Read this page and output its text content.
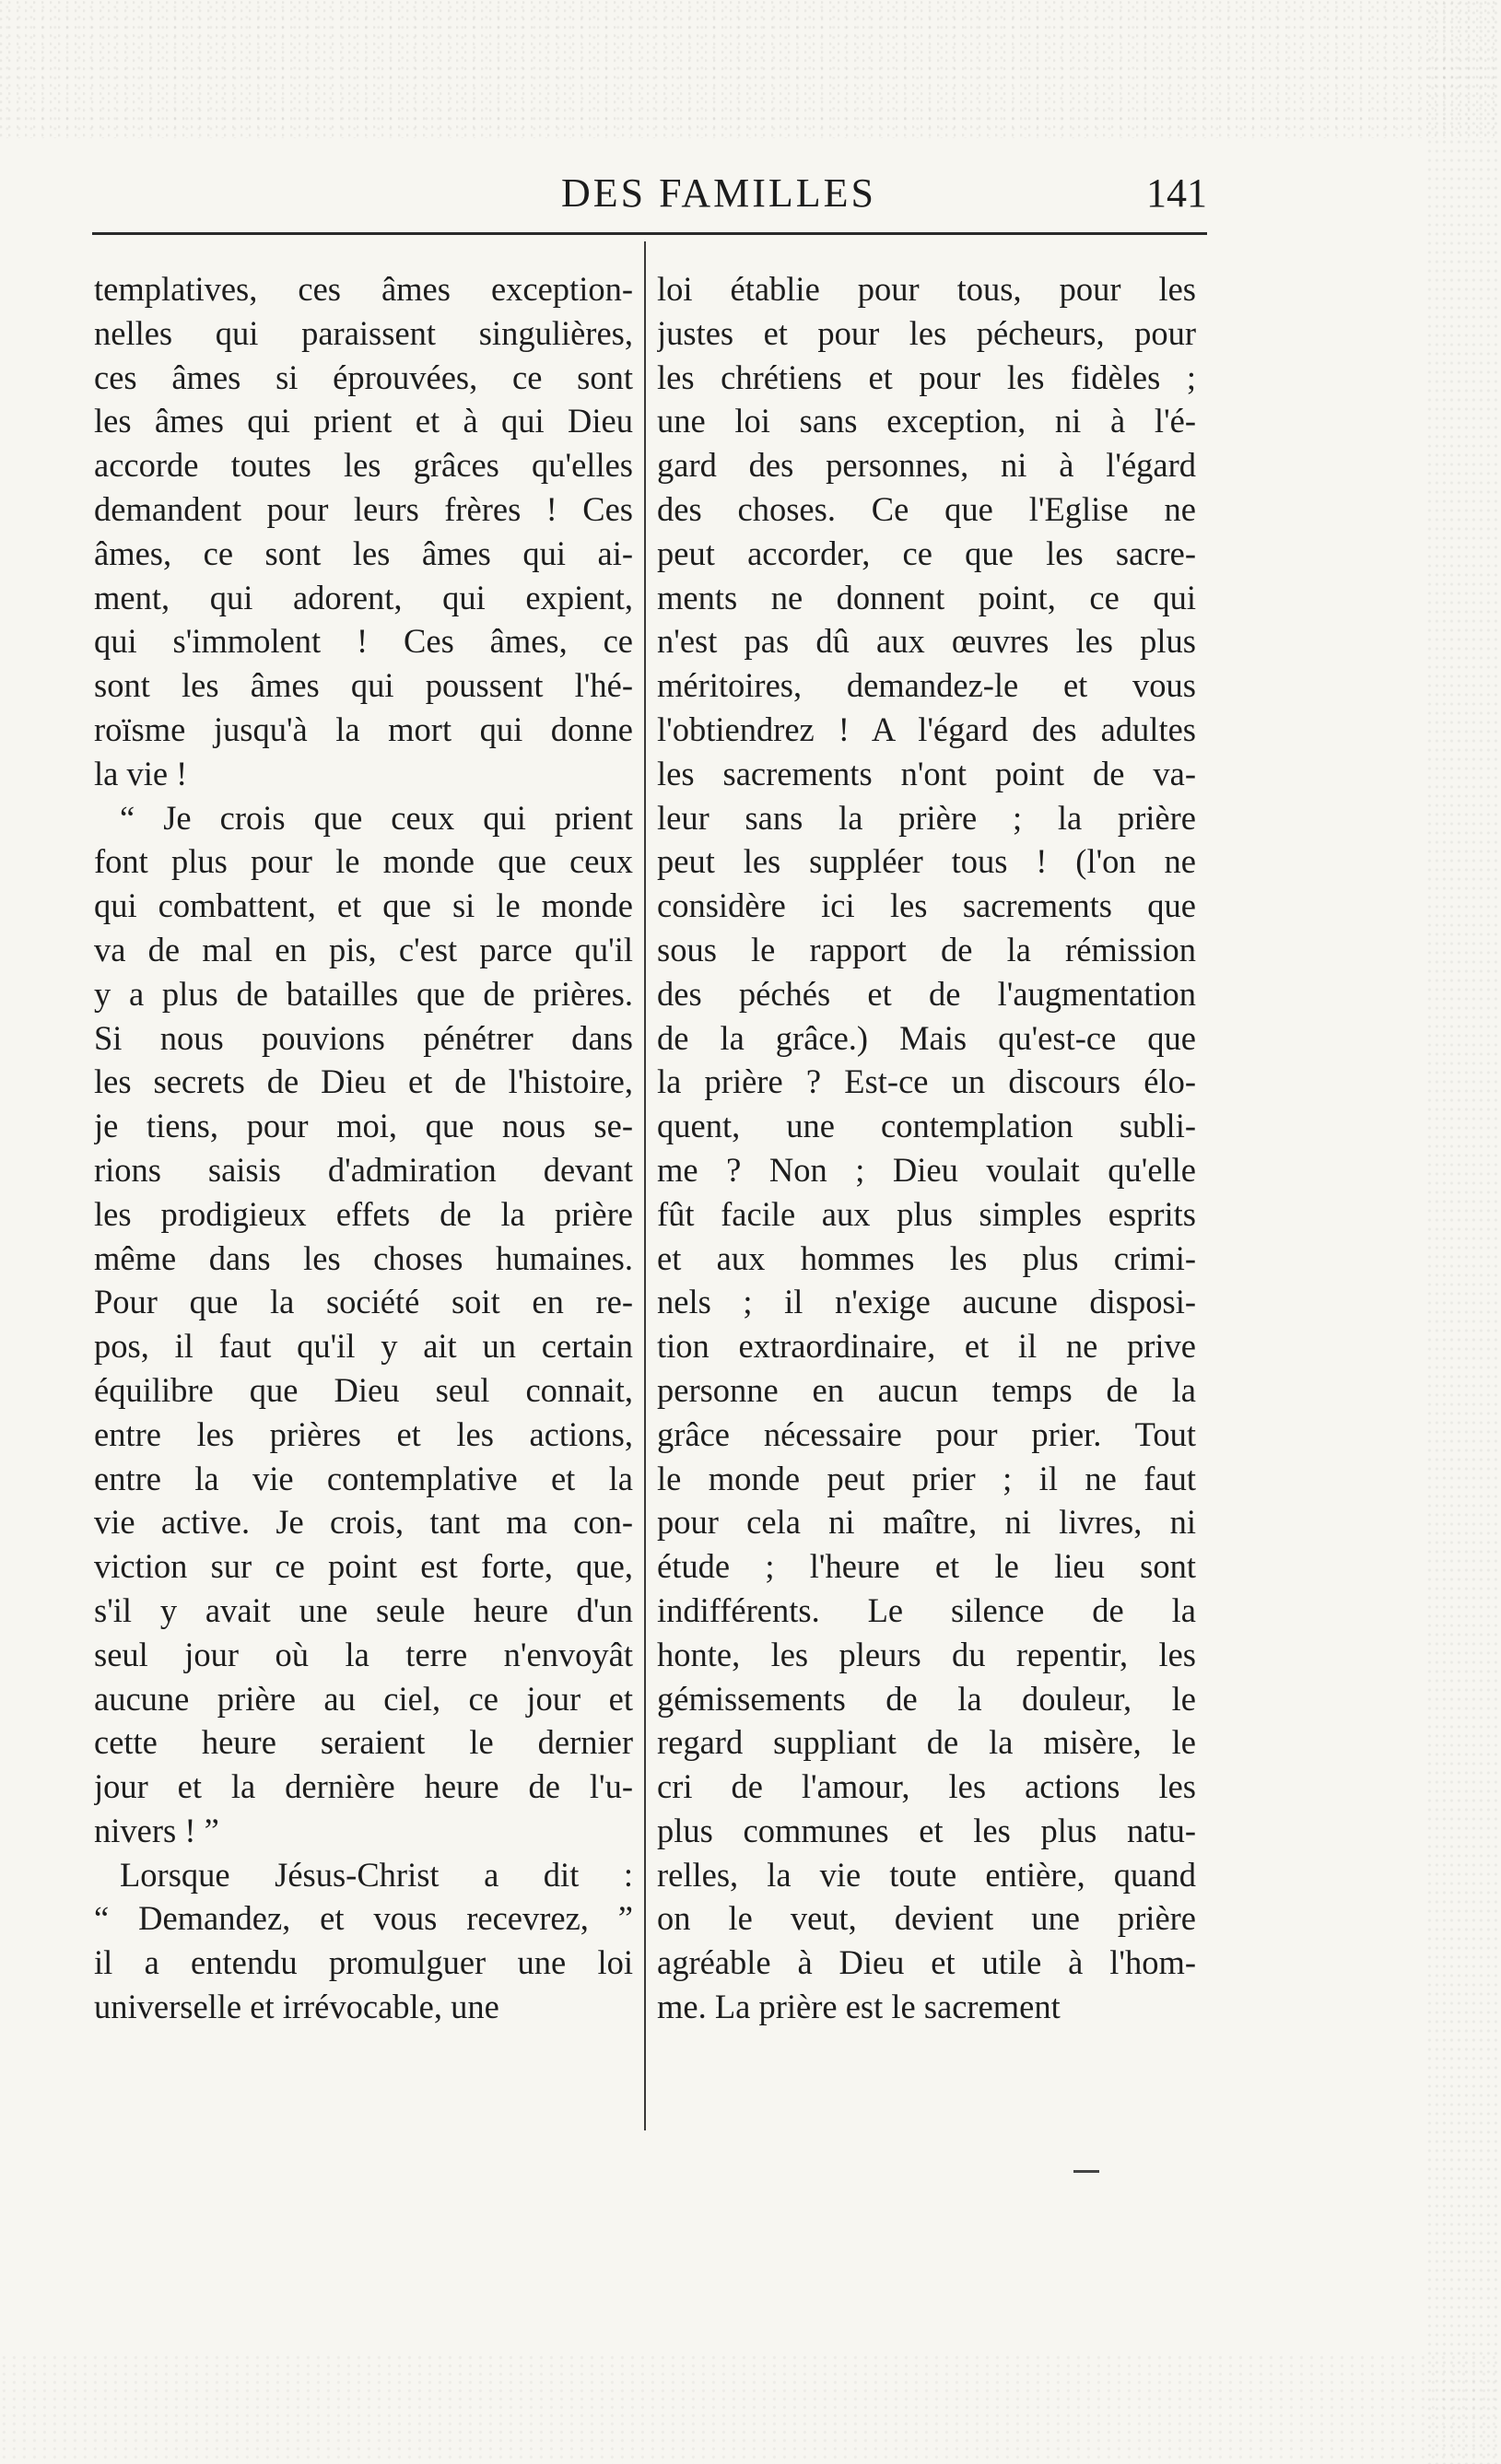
DES FAMILLES	141
templatives, ces âmes exception-
nelles qui paraissent singulières,
ces âmes si éprouvées, ce sont
les âmes qui prient et à qui Dieu
accorde toutes les grâces qu'elles
demandent pour leurs frères ! Ces
âmes, ce sont les âmes qui ai-
ment, qui adorent, qui expient,
qui s'immolent ! Ces âmes, ce
sont les âmes qui poussent l'hé-
roïsme jusqu'à la mort qui donne
la vie !
“ Je crois que ceux qui prient
font plus pour le monde que ceux
qui combattent, et que si le monde
va de mal en pis, c'est parce qu'il
y a plus de batailles que de prières.
Si nous pouvions pénétrer dans
les secrets de Dieu et de l'histoire,
je tiens, pour moi, que nous se-
rions saisis d'admiration devant
les prodigieux effets de la prière
même dans les choses humaines.
Pour que la société soit en re-
pos, il faut qu'il y ait un certain
équilibre que Dieu seul connait,
entre les prières et les actions,
entre la vie contemplative et la
vie active. Je crois, tant ma con-
viction sur ce point est forte, que,
s'il y avait une seule heure d'un
seul jour où la terre n'envoyât
aucune prière au ciel, ce jour et
cette heure seraient le dernier
jour et la dernière heure de l'u-
nivers ! ”
Lorsque Jésus-Christ a dit :
“ Demandez, et vous recevrez, ”
il a entendu promulguer une loi
universelle et irrévocable, une
loi établie pour tous, pour les
justes et pour les pécheurs, pour
les chrétiens et pour les fidèles ;
une loi sans exception, ni à l'é-
gard des personnes, ni à l'égard
des choses. Ce que l'Eglise ne
peut accorder, ce que les sacre-
ments ne donnent point, ce qui
n'est pas dû aux œuvres les plus
méritoires, demandez-le et vous
l'obtiendrez ! A l'égard des adultes
les sacrements n'ont point de va-
leur sans la prière ; la prière
peut les suppléer tous ! (l'on ne
considère ici les sacrements que
sous le rapport de la rémission
des péchés et de l'augmentation
de la grâce.) Mais qu'est-ce que
la prière ? Est-ce un discours élo-
quent, une contemplation subli-
me ? Non ; Dieu voulait qu'elle
fût facile aux plus simples esprits
et aux hommes les plus crimi-
nels ; il n'exige aucune disposi-
tion extraordinaire, et il ne prive
personne en aucun temps de la
grâce nécessaire pour prier. Tout
le monde peut prier ; il ne faut
pour cela ni maître, ni livres, ni
étude ; l'heure et le lieu sont
indifférents. Le silence de la
honte, les pleurs du repentir, les
gémissements de la douleur, le
regard suppliant de la misère, le
cri de l'amour, les actions les
plus communes et les plus natu-
relles, la vie toute entière, quand
on le veut, devient une prière
agréable à Dieu et utile à l'hom-
me. La prière est le sacrement
